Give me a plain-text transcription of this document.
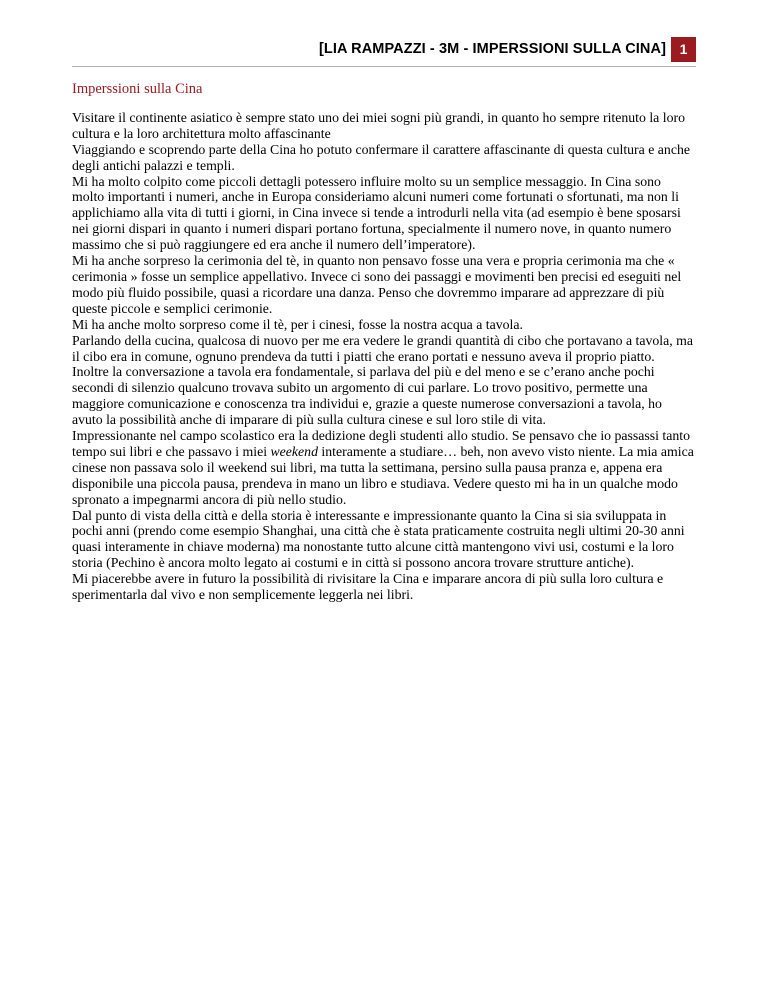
[LIA RAMPAZZI - 3M - IMPERSSIONI SULLA CINA] 1
Imperssioni sulla Cina

Visitare il continente asiatico è sempre stato uno dei miei sogni più grandi, in quanto ho sempre ritenuto la loro cultura e la loro architettura molto affascinante

Viaggiando e scoprendo parte della Cina ho potuto confermare il carattere affascinante di questa cultura e anche degli antichi palazzi e templi.

Mi ha molto colpito come piccoli dettagli potessero influire molto su un semplice messaggio. In Cina sono molto importanti i numeri, anche in Europa consideriamo alcuni numeri come fortunati o sfortunati, ma non li applichiamo alla vita di tutti i giorni, in Cina invece si tende a introdurli nella vita (ad esempio è bene sposarsi nei giorni dispari in quanto i numeri dispari portano fortuna, specialmente il numero nove, in quanto numero massimo che si può raggiungere ed era anche il numero dell’imperatore).

Mi ha anche sorpreso la cerimonia del tè, in quanto non pensavo fosse una vera e propria cerimonia ma che « cerimonia » fosse un semplice appellativo. Invece ci sono dei passaggi e movimenti ben precisi ed eseguiti nel modo più fluido possibile, quasi a ricordare una danza. Penso che dovremmo imparare ad apprezzare di più queste piccole e semplici cerimonie.

Mi ha anche molto sorpreso come il tè, per i cinesi, fosse la nostra acqua a tavola.

Parlando della cucina, qualcosa di nuovo per me era vedere le grandi quantità di cibo che portavano a tavola, ma il cibo era in comune, ognuno prendeva da tutti i piatti che erano portati e nessuno aveva il proprio piatto. Inoltre la conversazione a tavola era fondamentale, si parlava del più e del meno e se c’erano anche pochi secondi di silenzio qualcuno trovava subito un argomento di cui parlare. Lo trovo positivo, permette una maggiore comunicazione e conoscenza tra individui e, grazie a queste numerose conversazioni a tavola, ho avuto la possibilità anche di imparare di più sulla cultura cinese e sul loro stile di vita.

Impressionante nel campo scolastico era la dedizione degli studenti allo studio. Se pensavo che io passassi tanto tempo sui libri e che passavo i miei weekend interamente a studiare… beh, non avevo visto niente. La mia amica cinese non passava solo il weekend sui libri, ma tutta la settimana, persino sulla pausa pranza e, appena era disponibile una piccola pausa, prendeva in mano un libro e studiava. Vedere questo mi ha in un qualche modo spronato a impegnarmi ancora di più nello studio.

Dal punto di vista della città e della storia è interessante e impressionante quanto la Cina si sia sviluppata in pochi anni (prendo come esempio Shanghai, una città che è stata praticamente costruita negli ultimi 20-30 anni quasi interamente in chiave moderna) ma nonostante tutto alcune città mantengono vivi usi, costumi e la loro storia (Pechino è ancora molto legato ai costumi e in città si possono ancora trovare strutture antiche).

Mi piacerebbe avere in futuro la possibilità di rivisitare la Cina e imparare ancora di più sulla loro cultura e sperimentarla dal vivo e non semplicemente leggerla nei libri.
